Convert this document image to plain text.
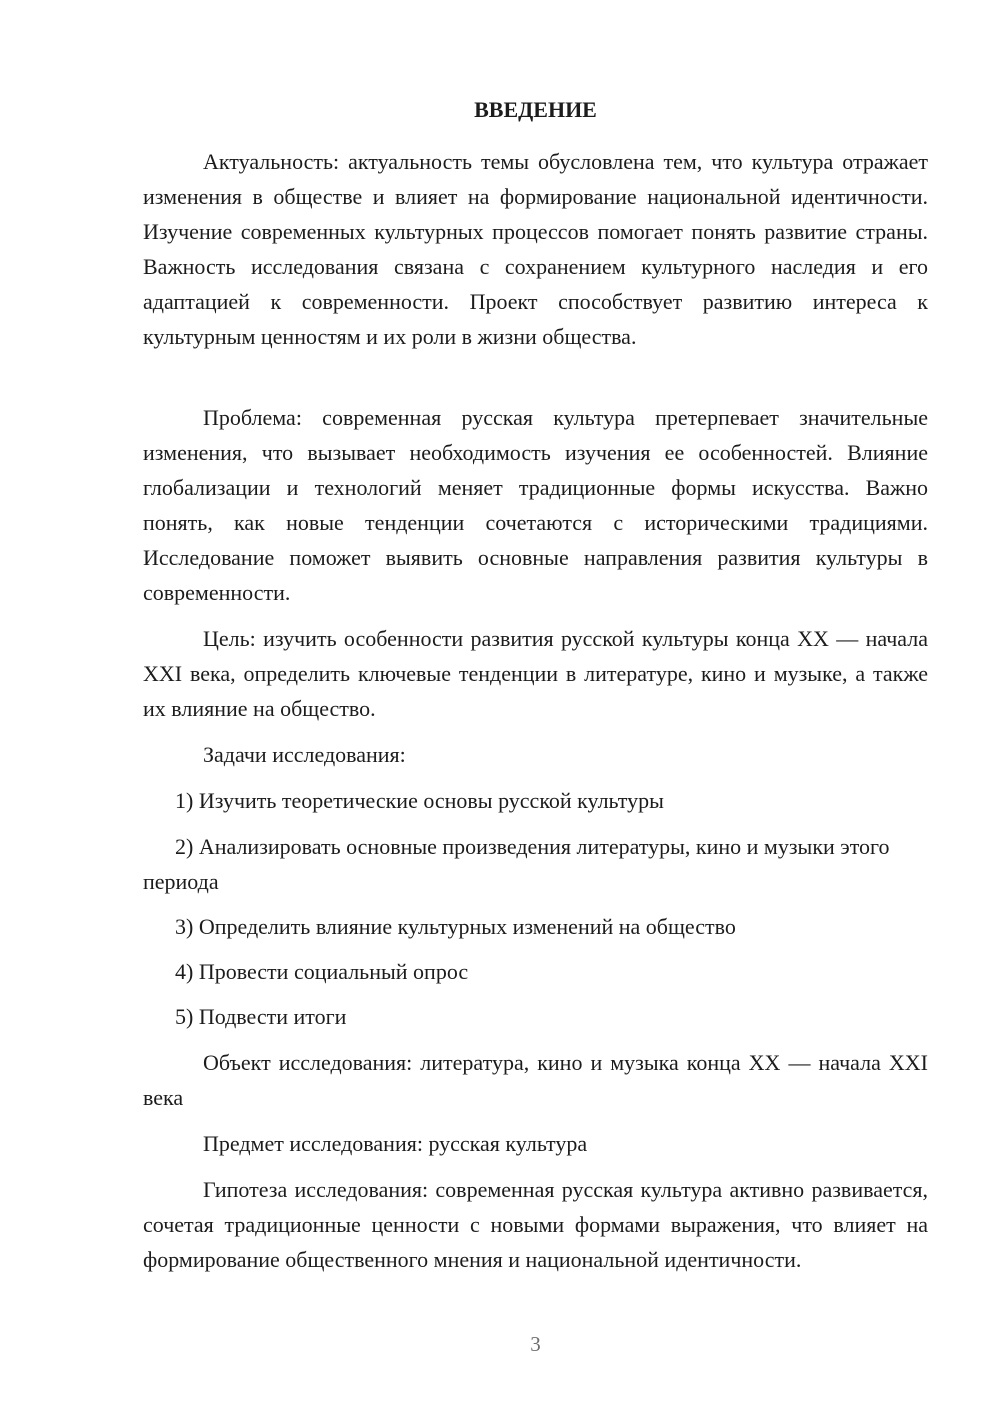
ВВЕДЕНИЕ

Актуальность: актуальность темы обусловлена тем, что культура отражает изменения в обществе и влияет на формирование национальной идентичности. Изучение современных культурных процессов помогает понять развитие страны. Важность исследования связана с сохранением культурного наследия и его адаптацией к современности. Проект способствует развитию интереса к культурным ценностям и их роли в жизни общества.

Проблема: современная русская культура претерпевает значительные изменения, что вызывает необходимость изучения ее особенностей. Влияние глобализации и технологий меняет традиционные формы искусства. Важно понять, как новые тенденции сочетаются с историческими традициями. Исследование поможет выявить основные направления развития культуры в современности.

Цель: изучить особенности развития русской культуры конца XX — начала XXI века, определить ключевые тенденции в литературе, кино и музыке, а также их влияние на общество.

Задачи исследования:

1) Изучить теоретические основы русской культуры

2) Анализировать основные произведения литературы, кино и музыки этого периода

3) Определить влияние культурных изменений на общество

4) Провести социальный опрос

5) Подвести итоги

Объект исследования: литература, кино и музыка конца XX — начала XXI века

Предмет исследования: русская культура

Гипотеза исследования: современная русская культура активно развивается, сочетая традиционные ценности с новыми формами выражения, что влияет на формирование общественного мнения и национальной идентичности.

3
